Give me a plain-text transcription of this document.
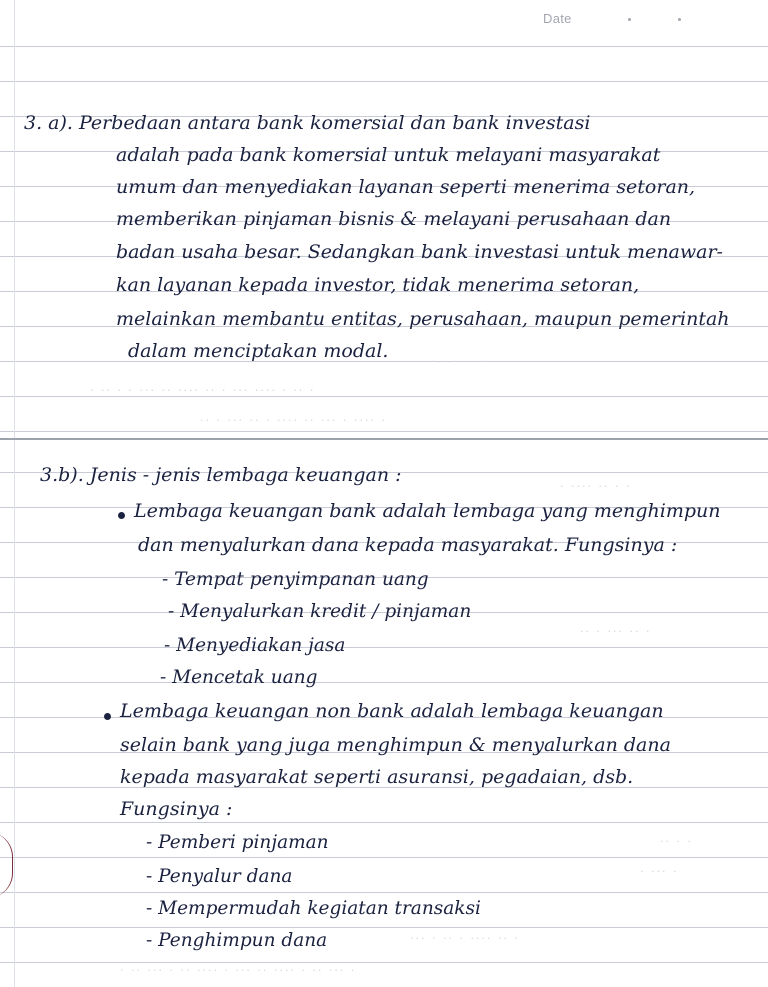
Date
· · · ··· ···· · ·
· ·· · · ··· ·· ···· ·· · ··· ···· · ·· ·
·· · ··· ·· · ···· ·· ··· · ···· ·
3. a). Perbedaan antara bank komersial dan bank investasi
adalah pada bank komersial untuk melayani masyarakat
umum dan menyediakan layanan seperti menerima setoran,
memberikan pinjaman bisnis & melayani perusahaan dan
badan usaha besar. Sedangkan bank investasi untuk menawar-
kan layanan kepada investor, tidak menerima setoran,
melainkan membantu entitas, perusahaan, maupun pemerintah
dalam menciptakan modal.
· ···· ·· · ·
·· · ··· ·· ·
·· · ·
· ··· ·
··· · ·· · ···· ·· ·
· ·· ··· · ·· ···· · ··· ·· ···· · ·· ··· ·
3.b). Jenis - jenis lembaga keuangan :
Lembaga keuangan bank adalah lembaga yang menghimpun
dan menyalurkan dana kepada masyarakat. Fungsinya :
- Tempat penyimpanan uang
- Menyalurkan kredit / pinjaman
- Menyediakan jasa
- Mencetak uang
Lembaga keuangan non bank adalah lembaga keuangan
selain bank yang juga menghimpun & menyalurkan dana
kepada masyarakat seperti asuransi, pegadaian, dsb.
Fungsinya :
- Pemberi pinjaman
- Penyalur dana
- Mempermudah kegiatan transaksi
- Penghimpun dana
